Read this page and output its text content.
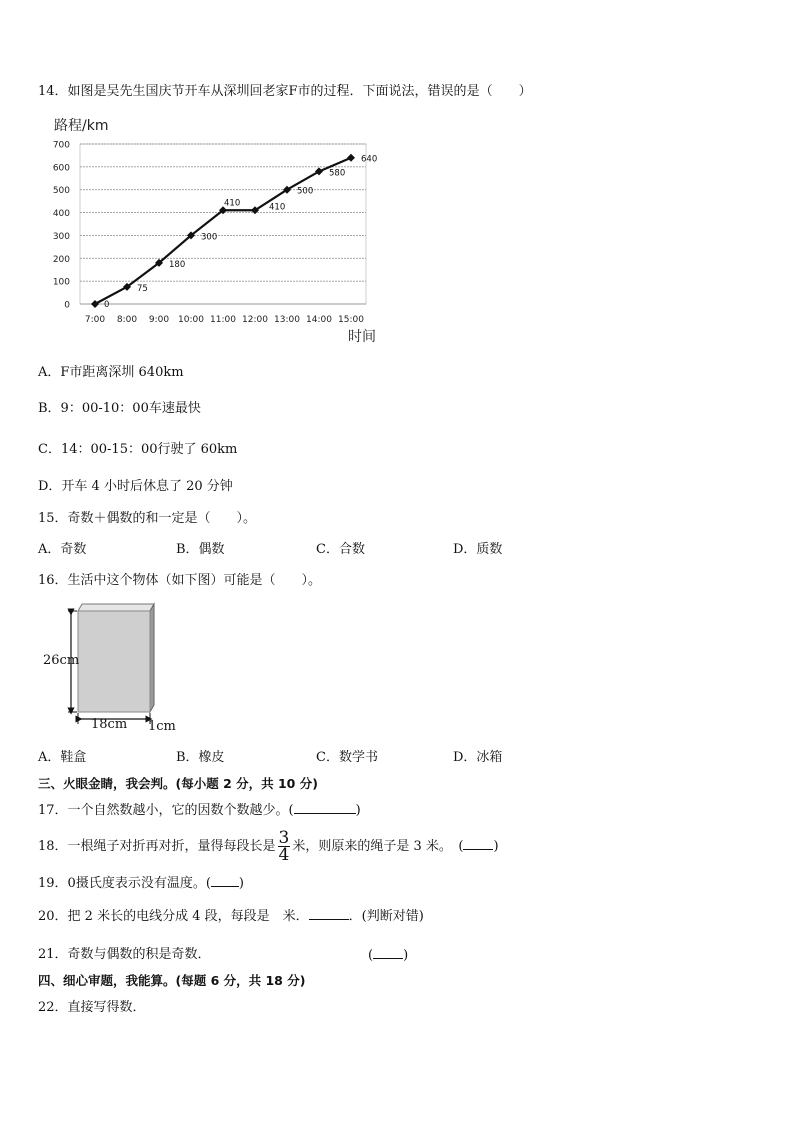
14．如图是吴先生国庆节开车从深圳回老家F市的过程．下面说法，错误的是（　　）
路程/km
时间
0
100
200
300
400
500
600
700
7:00 8:00 9:00 10:00 11:00 12:00 13:00 14:00 15:00
0
75
180
300
410	410
500
580
640
A．F市距离深圳 640km
B．9：00-10：00车速最快
C．14：00-15：00行驶了 60km
D．开车 4 小时后休息了 20 分钟
15．奇数＋偶数的和一定是（　　）。
A．奇数	B．偶数	C．合数	D．质数
16．生活中这个物体（如下图）可能是（　　）。
26cm
18cm 1cm
A．鞋盒	B．橡皮	C．数学书	D．冰箱
三、火眼金睛，我会判。(每小题 2 分，共 10 分)
17．一个自然数越小，它的因数个数越少。(	)
18．一根绳子对折再对折，量得每段长是 $\frac{3}{4}$ 米，则原来的绳子是 3 米。　( )
19．0摄氏度表示没有温度。( )
20．把 2 米长的电线分成 4 段，每段是　米．	．(判断对错)
21．奇数与偶数的积是奇数．	( )
四、细心审题，我能算。(每题 6 分，共 18 分)
22．直接写得数．
